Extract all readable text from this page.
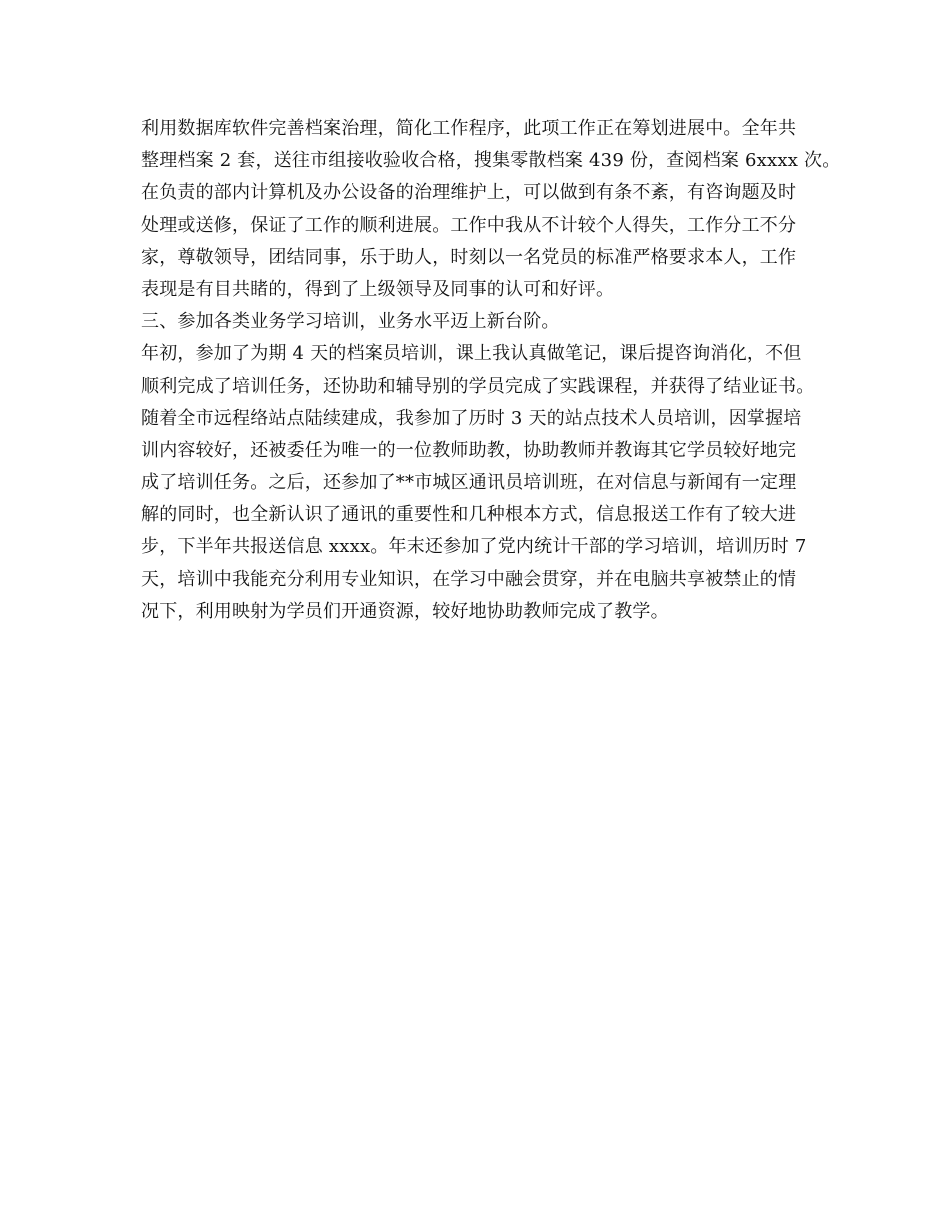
利用数据库软件完善档案治理，简化工作程序，此项工作正在筹划进展中。全年共
整理档案 2 套，送往市组接收验收合格，搜集零散档案 439 份，查阅档案 6xxxx 次。
在负责的部内计算机及办公设备的治理维护上，可以做到有条不紊，有咨询题及时
处理或送修，保证了工作的顺利进展。工作中我从不计较个人得失，工作分工不分
家，尊敬领导，团结同事，乐于助人，时刻以一名党员的标准严格要求本人，工作
表现是有目共睹的，得到了上级领导及同事的认可和好评。
三、参加各类业务学习培训，业务水平迈上新台阶。
年初，参加了为期 4 天的档案员培训，课上我认真做笔记，课后提咨询消化，不但
顺利完成了培训任务，还协助和辅导别的学员完成了实践课程，并获得了结业证书。
随着全市远程络站点陆续建成，我参加了历时 3 天的站点技术人员培训，因掌握培
训内容较好，还被委任为唯一的一位教师助教，协助教师并教诲其它学员较好地完
成了培训任务。之后，还参加了**市城区通讯员培训班，在对信息与新闻有一定理
解的同时，也全新认识了通讯的重要性和几种根本方式，信息报送工作有了较大进
步，下半年共报送信息 xxxx。年末还参加了党内统计干部的学习培训，培训历时 7
天，培训中我能充分利用专业知识，在学习中融会贯穿，并在电脑共享被禁止的情
况下，利用映射为学员们开通资源，较好地协助教师完成了教学。
